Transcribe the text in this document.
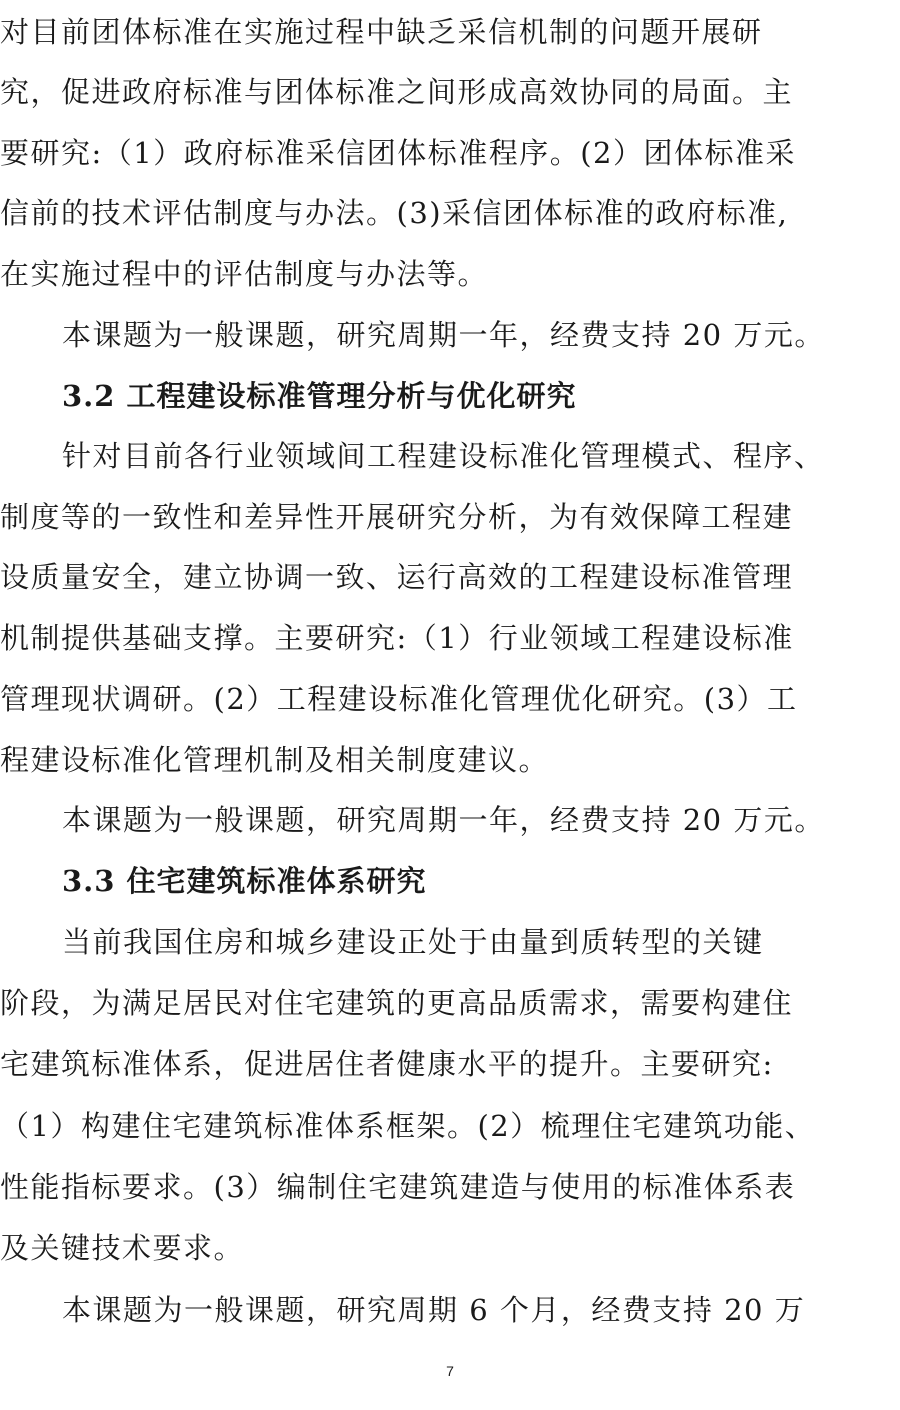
对目前团体标准在实施过程中缺乏采信机制的问题开展研
究，促进政府标准与团体标准之间形成高效协同的局面。主
要研究:（1）政府标准采信团体标准程序。(2）团体标准采
信前的技术评估制度与办法。(3)采信团体标准的政府标准,
在实施过程中的评估制度与办法等。
本课题为一般课题，研究周期一年，经费支持 20 万元。
3.2 工程建设标准管理分析与优化研究
针对目前各行业领域间工程建设标准化管理模式、程序、
制度等的一致性和差异性开展研究分析，为有效保障工程建
设质量安全，建立协调一致、运行高效的工程建设标准管理
机制提供基础支撑。主要研究:（1）行业领域工程建设标准
管理现状调研。(2）工程建设标准化管理优化研究。(3）工
程建设标准化管理机制及相关制度建议。
本课题为一般课题，研究周期一年，经费支持 20 万元。
3.3 住宅建筑标准体系研究
当前我国住房和城乡建设正处于由量到质转型的关键
阶段，为满足居民对住宅建筑的更高品质需求，需要构建住
宅建筑标准体系，促进居住者健康水平的提升。主要研究:
（1）构建住宅建筑标准体系框架。(2）梳理住宅建筑功能、
性能指标要求。(3）编制住宅建筑建造与使用的标准体系表
及关键技术要求。
本课题为一般课题，研究周期 6 个月，经费支持 20 万
7
